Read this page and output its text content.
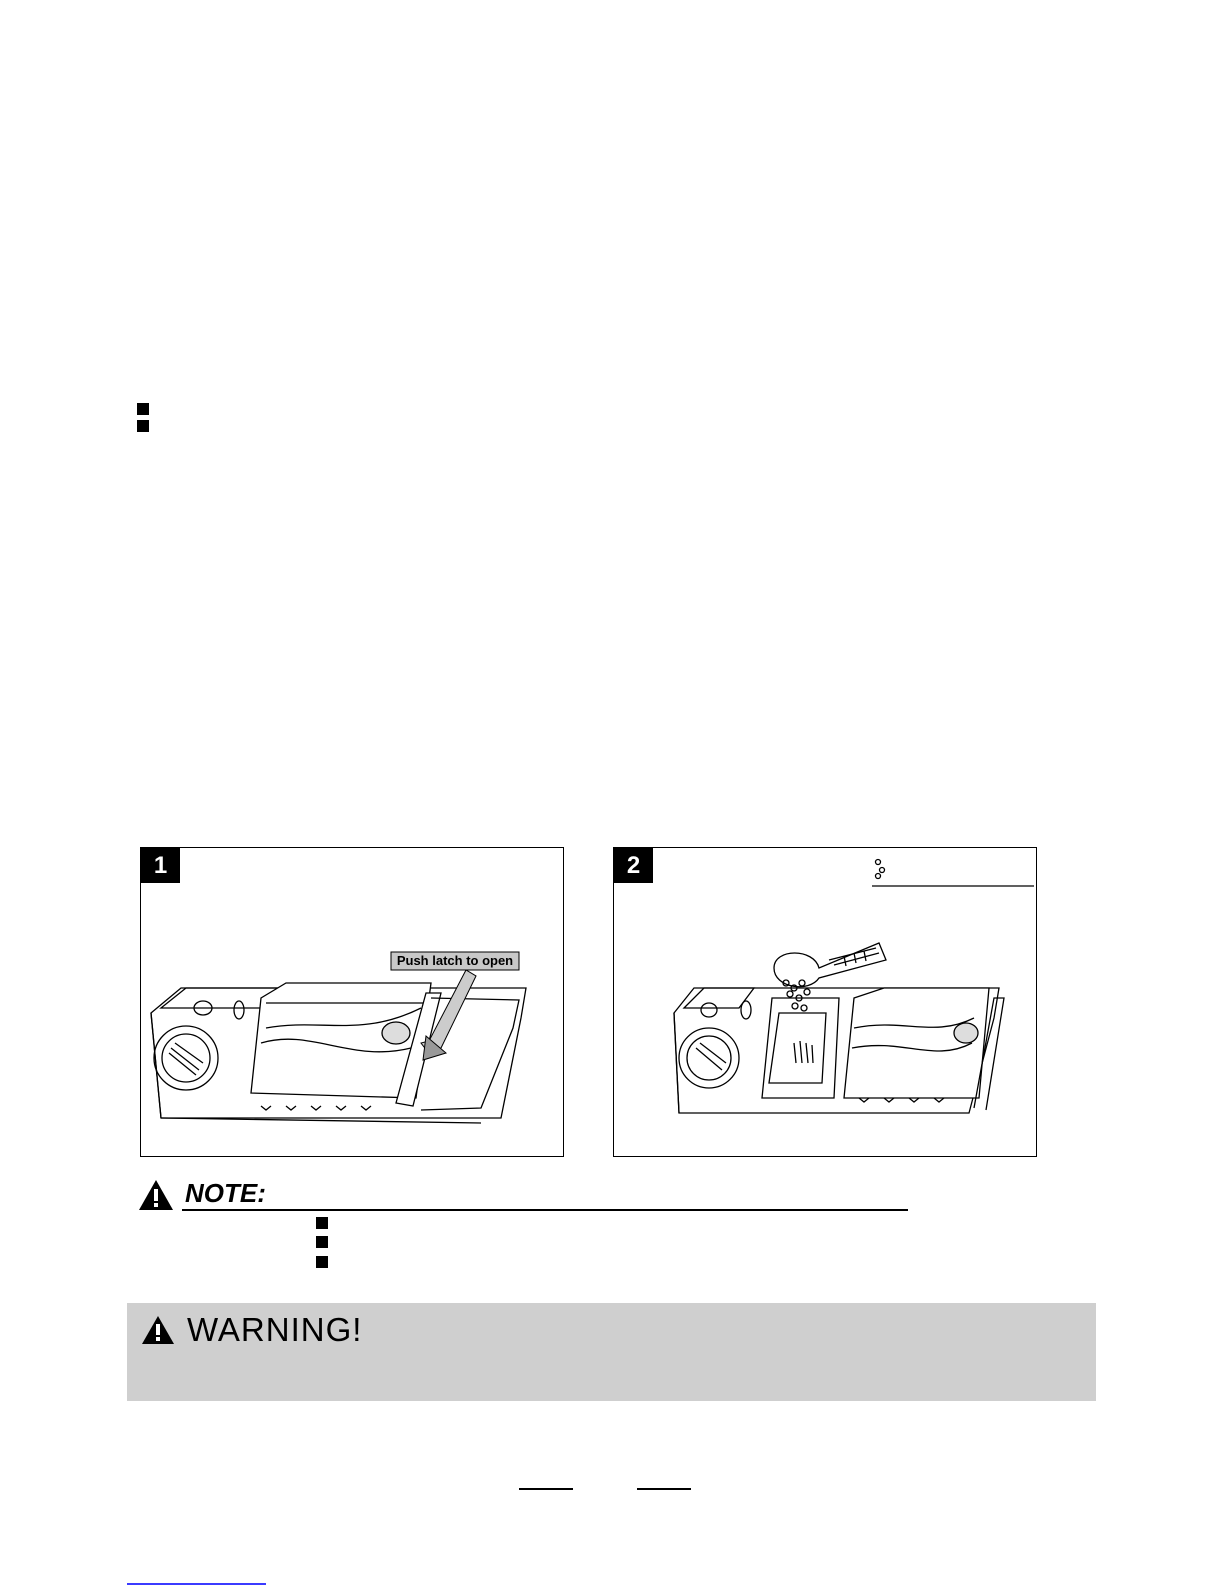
1
Push latch to open
2
NOTE:
WARNING!
